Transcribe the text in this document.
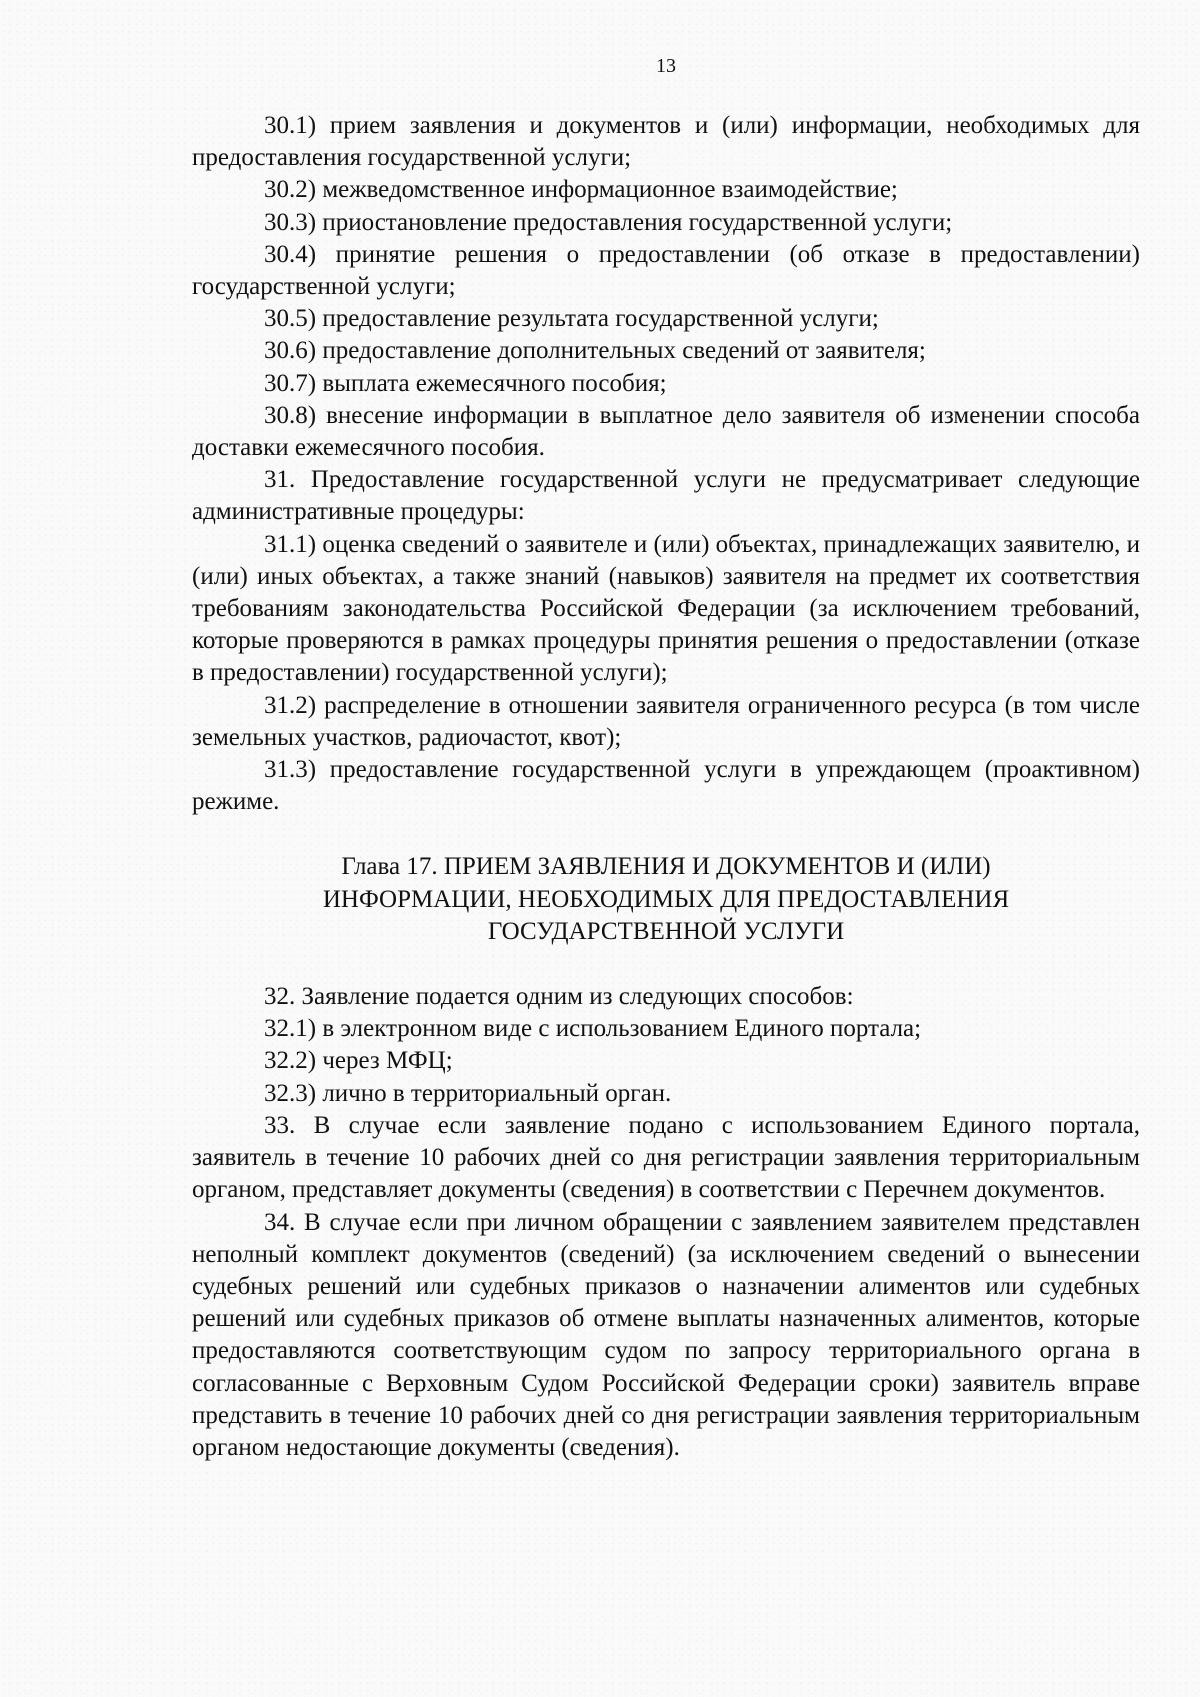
13

30.1) прием заявления и документов и (или) информации, необходимых для предоставления государственной услуги;

30.2) межведомственное информационное взаимодействие;

30.3) приостановление предоставления государственной услуги;

30.4) принятие решения о предоставлении (об отказе в предоставлении) государственной услуги;

30.5) предоставление результата государственной услуги;

30.6) предоставление дополнительных сведений от заявителя;

30.7) выплата ежемесячного пособия;

30.8) внесение информации в выплатное дело заявителя об изменении способа доставки ежемесячного пособия.

31. Предоставление государственной услуги не предусматривает следующие административные процедуры:

31.1) оценка сведений о заявителе и (или) объектах, принадлежащих заявителю, и (или) иных объектах, а также знаний (навыков) заявителя на предмет их соответствия требованиям законодательства Российской Федерации (за исключением требований, которые проверяются в рамках процедуры принятия решения о предоставлении (отказе в предоставлении) государственной услуги);

31.2) распределение в отношении заявителя ограниченного ресурса (в том числе земельных участков, радиочастот, квот);

31.3) предоставление государственной услуги в упреждающем (проактивном) режиме.

Глава 17. ПРИЕМ ЗАЯВЛЕНИЯ И ДОКУМЕНТОВ И (ИЛИ)
ИНФОРМАЦИИ, НЕОБХОДИМЫХ ДЛЯ ПРЕДОСТАВЛЕНИЯ
ГОСУДАРСТВЕННОЙ УСЛУГИ

32. Заявление подается одним из следующих способов:

32.1) в электронном виде с использованием Единого портала;

32.2) через МФЦ;

32.3) лично в территориальный орган.

33. В случае если заявление подано с использованием Единого портала, заявитель в течение 10 рабочих дней со дня регистрации заявления территориальным органом, представляет документы (сведения) в соответствии с Перечнем документов.

34. В случае если при личном обращении с заявлением заявителем представлен неполный комплект документов (сведений) (за исключением сведений о вынесении судебных решений или судебных приказов о назначении алиментов или судебных решений или судебных приказов об отмене выплаты назначенных алиментов, которые предоставляются соответствующим судом по запросу территориального органа в согласованные с Верховным Судом Российской Федерации сроки) заявитель вправе представить в течение 10 рабочих дней со дня регистрации заявления территориальным органом недостающие документы (сведения).
